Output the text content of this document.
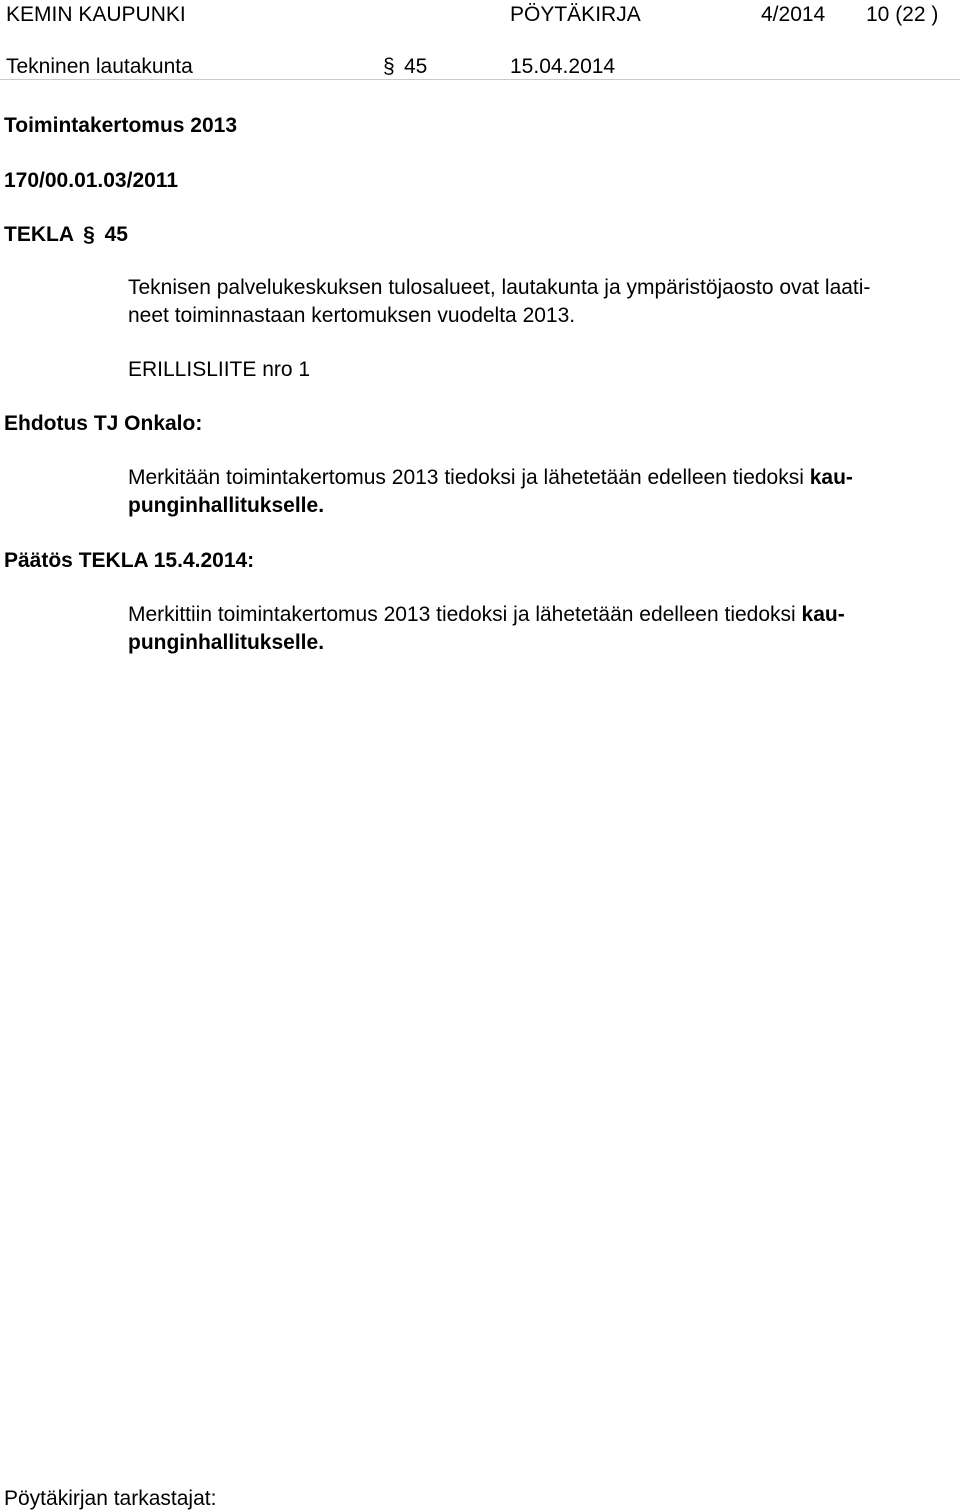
KEMIN KAUPUNKI	PÖYTÄKIRJA	4/2014 10 (22 )
Tekninen lautakunta	§ 45	15.04.2014
Toimintakertomus 2013
170/00.01.03/2011
TEKLA § 45
Teknisen palvelukeskuksen tulosalueet, lautakunta ja ympäristöjaosto ovat laati-
neet toiminnastaan kertomuksen vuodelta 2013.
ERILLISLIITE nro 1
Ehdotus TJ Onkalo:
Merkitään toimintakertomus 2013 tiedoksi ja lähetetään edelleen tiedoksi kau-
punginhallitukselle.
Päätös TEKLA 15.4.2014:
Merkittiin toimintakertomus 2013 tiedoksi ja lähetetään edelleen tiedoksi kau-
punginhallitukselle.
Pöytäkirjan tarkastajat:
